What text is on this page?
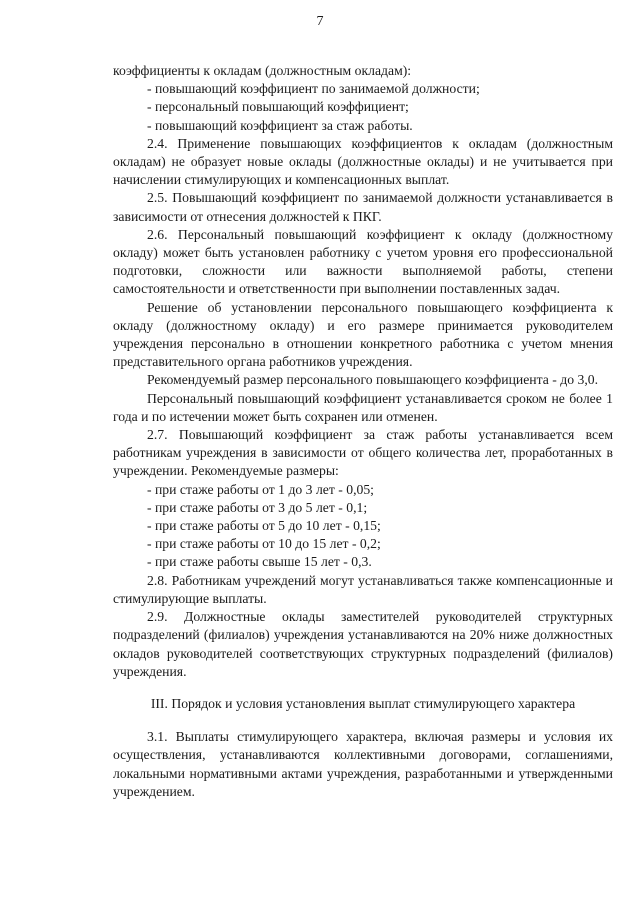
7

коэффициенты к окладам (должностным окладам):

- повышающий коэффициент по занимаемой должности;

- персональный повышающий коэффициент;

- повышающий коэффициент за стаж работы.

2.4. Применение повышающих коэффициентов к окладам (должностным окладам) не образует новые оклады (должностные оклады) и не учитывается при начислении стимулирующих и компенсационных выплат.

2.5. Повышающий коэффициент по занимаемой должности устанавливается в зависимости от отнесения должностей к ПКГ.

2.6. Персональный повышающий коэффициент к окладу (должностному окладу) может быть установлен работнику с учетом уровня его профессиональной подготовки, сложности или важности выполняемой работы, степени самостоятельности и ответственности при выполнении поставленных задач.

Решение об установлении персонального повышающего коэффициента к окладу (должностному окладу) и его размере принимается руководителем учреждения персонально в отношении конкретного работника с учетом мнения представительного органа работников учреждения.

Рекомендуемый размер персонального повышающего коэффициента - до 3,0.

Персональный повышающий коэффициент устанавливается сроком не более 1 года и по истечении может быть сохранен или отменен.

2.7. Повышающий коэффициент за стаж работы устанавливается всем работникам учреждения в зависимости от общего количества лет, проработанных в учреждении. Рекомендуемые размеры:

- при стаже работы от 1 до 3 лет - 0,05;

- при стаже работы от 3 до 5 лет - 0,1;

- при стаже работы от 5 до 10 лет - 0,15;

- при стаже работы от 10 до 15 лет - 0,2;

- при стаже работы свыше 15 лет - 0,3.

2.8. Работникам учреждений могут устанавливаться также компенсационные и стимулирующие выплаты.

2.9. Должностные оклады заместителей руководителей структурных подразделений (филиалов) учреждения устанавливаются на 20% ниже должностных окладов руководителей соответствующих структурных подразделений (филиалов) учреждения.

III. Порядок и условия установления выплат стимулирующего характера

3.1. Выплаты стимулирующего характера, включая размеры и условия их осуществления, устанавливаются коллективными договорами, соглашениями, локальными нормативными актами учреждения, разработанными и утвержденными учреждением.
